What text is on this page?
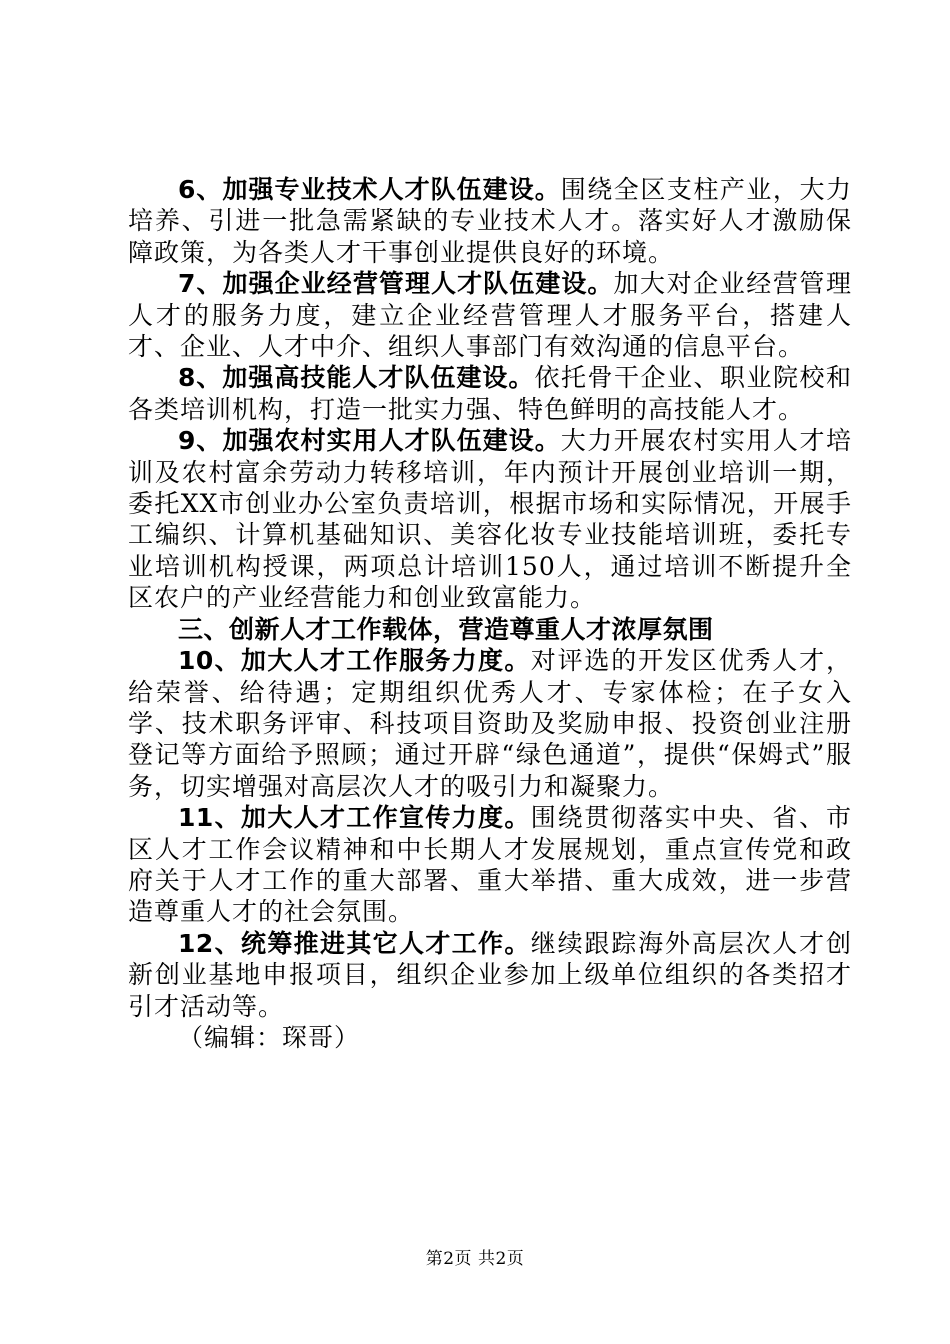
6、加强专业技术人才队伍建设。围绕全区支柱产业，大力培养、引进一批急需紧缺的专业技术人才。落实好人才激励保障政策，为各类人才干事创业提供良好的环境。

7、加强企业经营管理人才队伍建设。加大对企业经营管理人才的服务力度，建立企业经营管理人才服务平台，搭建人才、企业、人才中介、组织人事部门有效沟通的信息平台。

8、加强高技能人才队伍建设。依托骨干企业、职业院校和各类培训机构，打造一批实力强、特色鲜明的高技能人才。

9、加强农村实用人才队伍建设。大力开展农村实用人才培训及农村富余劳动力转移培训，年内预计开展创业培训一期，委托XX市创业办公室负责培训，根据市场和实际情况，开展手工编织、计算机基础知识、美容化妆专业技能培训班，委托专业培训机构授课，两项总计培训150人，通过培训不断提升全区农户的产业经营能力和创业致富能力。

三、创新人才工作载体，营造尊重人才浓厚氛围

10、加大人才工作服务力度。对评选的开发区优秀人才，给荣誉、给待遇；定期组织优秀人才、专家体检；在子女入学、技术职务评审、科技项目资助及奖励申报、投资创业注册登记等方面给予照顾；通过开辟“绿色通道”，提供“保姆式”服务，切实增强对高层次人才的吸引力和凝聚力。

11、加大人才工作宣传力度。围绕贯彻落实中央、省、市区人才工作会议精神和中长期人才发展规划，重点宣传党和政府关于人才工作的重大部署、重大举措、重大成效，进一步营造尊重人才的社会氛围。

12、统筹推进其它人才工作。继续跟踪海外高层次人才创新创业基地申报项目，组织企业参加上级单位组织的各类招才引才活动等。

（编辑：琛哥）

第2页 共2页
